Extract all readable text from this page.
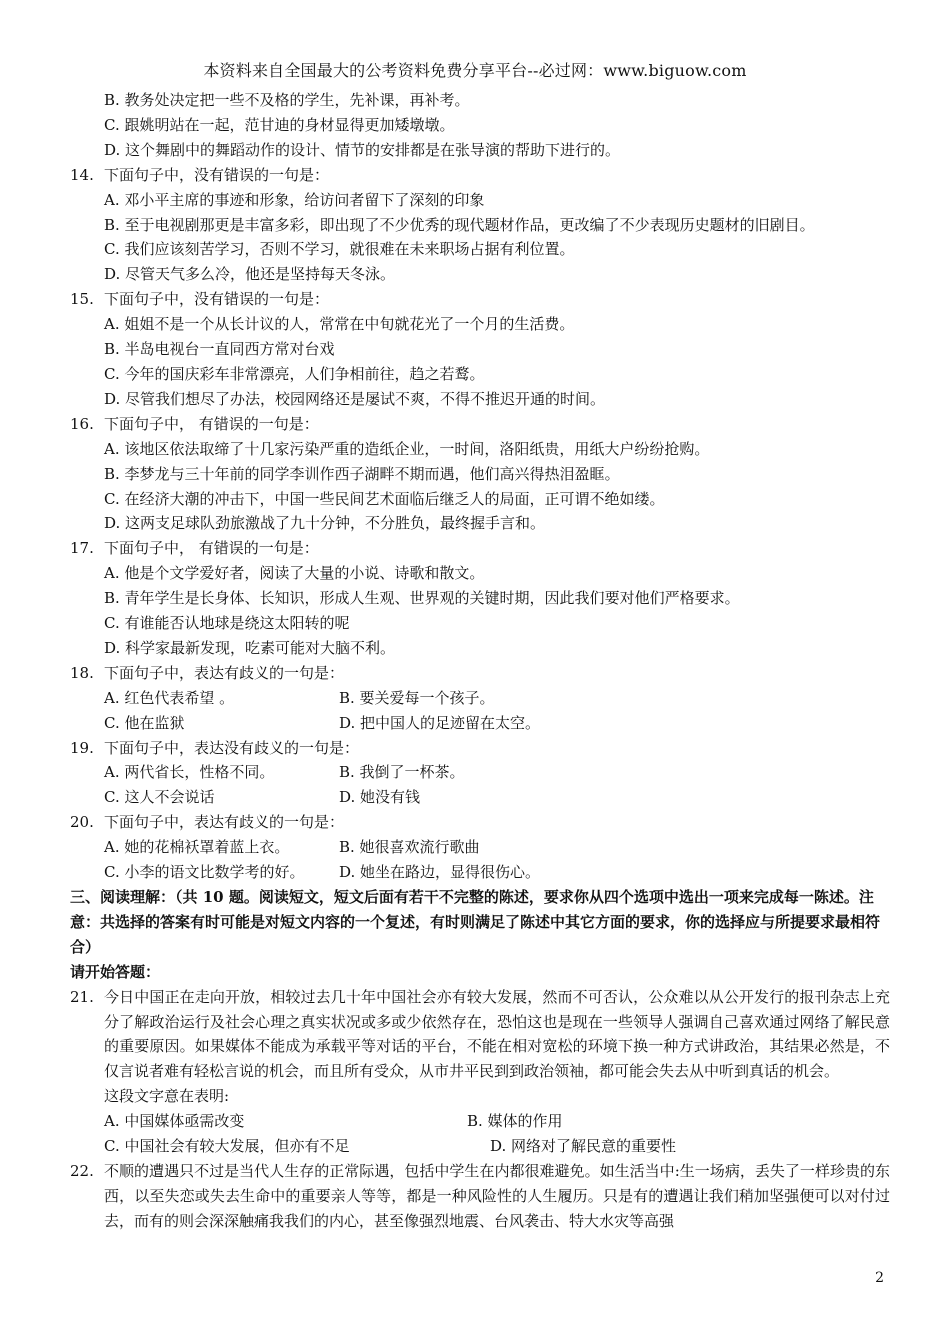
本资料来自全国最大的公考资料免费分享平台--必过网：www.biguow.com
B. 教务处决定把一些不及格的学生，先补课，再补考。
C. 跟姚明站在一起，范甘迪的身材显得更加矮墩墩。
D. 这个舞剧中的舞蹈动作的设计、情节的安排都是在张导演的帮助下进行的。
14. 下面句子中，没有错误的一句是：
A. 邓小平主席的事迹和形象，给访问者留下了深刻的印象
B. 至于电视剧那更是丰富多彩，即出现了不少优秀的现代题材作品，更改编了不少表现历史题材的旧剧目。
C. 我们应该刻苦学习，否则不学习，就很难在未来职场占据有利位置。
D. 尽管天气多么冷，他还是坚持每天冬泳。
15. 下面句子中，没有错误的一句是：
A. 姐姐不是一个从长计议的人，常常在中旬就花光了一个月的生活费。
B. 半岛电视台一直同西方常对台戏
C. 今年的国庆彩车非常漂亮，人们争相前往，趋之若鹜。
D. 尽管我们想尽了办法，校园网络还是屡试不爽，不得不推迟开通的时间。
16. 下面句子中， 有错误的一句是：
A. 该地区依法取缔了十几家污染严重的造纸企业，一时间，洛阳纸贵，用纸大户纷纷抢购。
B. 李梦龙与三十年前的同学李训作西子湖畔不期而遇，他们高兴得热泪盈眶。
C. 在经济大潮的冲击下，中国一些民间艺术面临后继乏人的局面，正可谓不绝如缕。
D. 这两支足球队劲旅激战了九十分钟，不分胜负，最终握手言和。
17. 下面句子中， 有错误的一句是：
A. 他是个文学爱好者，阅读了大量的小说、诗歌和散文。
B. 青年学生是长身体、长知识，形成人生观、世界观的关键时期，因此我们要对他们严格要求。
C. 有谁能否认地球是绕这太阳转的呢
D. 科学家最新发现，吃素可能对大脑不利。
18. 下面句子中，表达有歧义的一句是：
A. 红色代表希望 。	B. 要关爱每一个孩子。
C. 他在监狱	D. 把中国人的足迹留在太空。
19. 下面句子中，表达没有歧义的一句是：
A. 两代省长，性格不同。	B. 我倒了一杯茶。
C. 这人不会说话	D. 她没有钱
20. 下面句子中，表达有歧义的一句是：
A. 她的花棉袄罩着蓝上衣。	B. 她很喜欢流行歌曲
C. 小李的语文比数学考的好。	D. 她坐在路边，显得很伤心。
三、阅读理解：（共 10 题。阅读短文，短文后面有若干不完整的陈述，要求你从四个选项中选出一项来完成每一陈述。注意：共选择的答案有时可能是对短文内容的一个复述，有时则满足了陈述中其它方面的要求，你的选择应与所提要求最相符合）
请开始答题：
21. 今日中国正在走向开放，相较过去几十年中国社会亦有较大发展，然而不可否认，公众难以从公开发行的报刊杂志上充分了解政治运行及社会心理之真实状况或多或少依然存在，恐怕这也是现在一些领导人强调自己喜欢通过网络了解民意的重要原因。如果媒体不能成为承载平等对话的平台，不能在相对宽松的环境下换一种方式讲政治，其结果必然是，不仅言说者难有轻松言说的机会，而且所有受众，从市井平民到到政治领袖，都可能会失去从中听到真话的机会。
这段文字意在表明:
A. 中国媒体亟需改变	B. 媒体的作用
C. 中国社会有较大发展，但亦有不足	D. 网络对了解民意的重要性
22. 不顺的遭遇只不过是当代人生存的正常际遇，包括中学生在内都很难避免。如生活当中:生一场病，丢失了一样珍贵的东西，以至失恋或失去生命中的重要亲人等等，都是一种风险性的人生履历。只是有的遭遇让我们稍加坚强便可以对付过去，而有的则会深深触痛我我们的内心，甚至像强烈地震、台风袭击、特大水灾等高强
2
